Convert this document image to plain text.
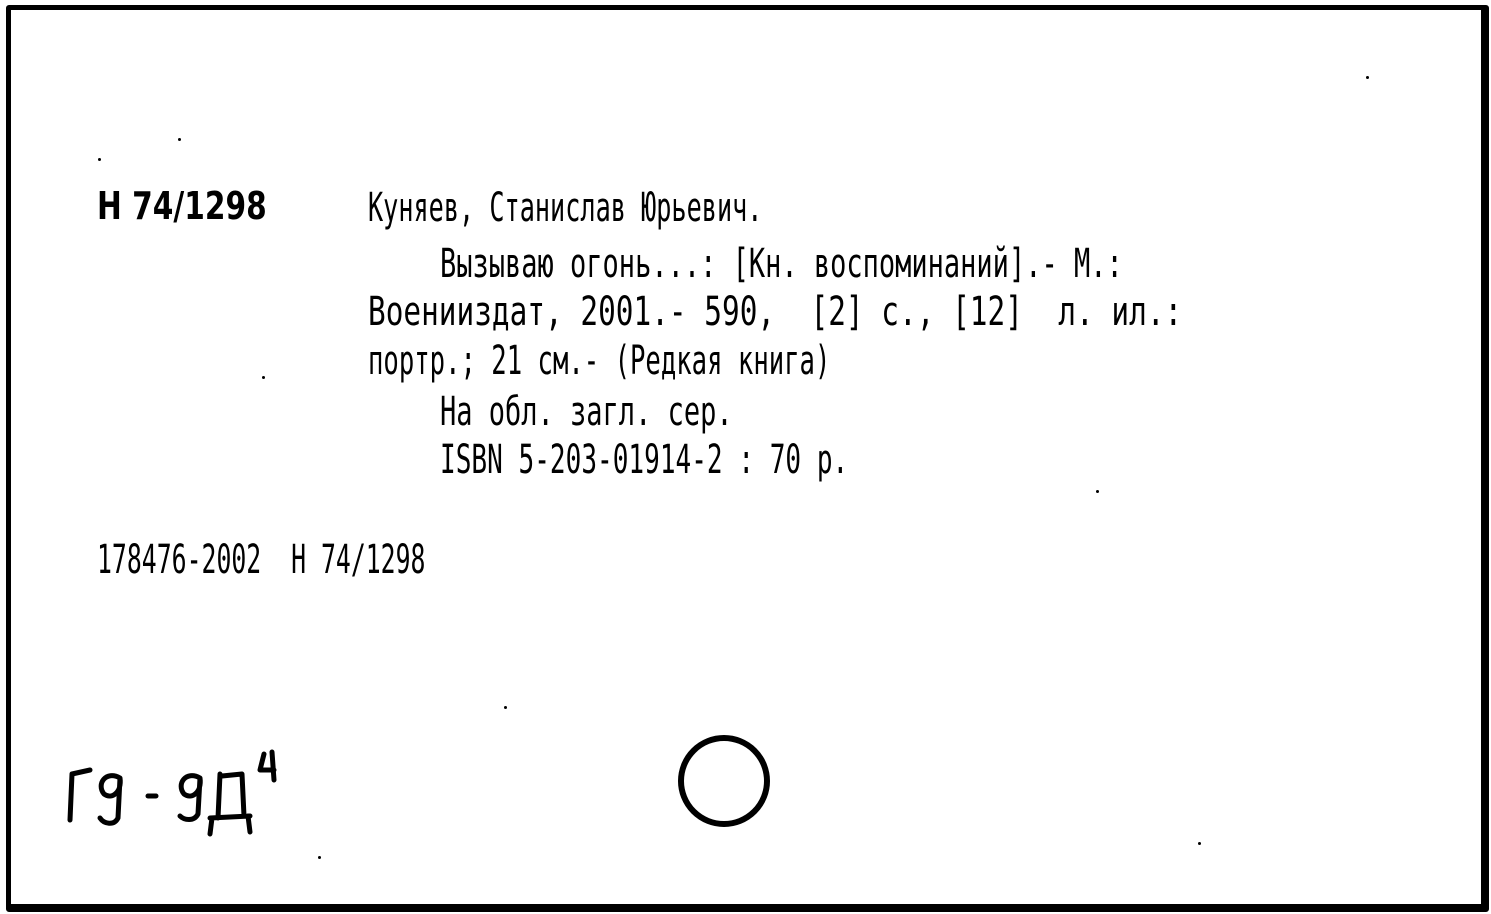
Н 74/1298	Куняев, Станислав Юрьевич.
Вызываю огонь...: [Кн. воспоминаний].- М.:
Военииздат, 2001.- 590,  [2] с., [12]  л. ил.:
портр.; 21 см.- (Редкая книга)
На обл. загл. сер.
ISBN 5-203-01914-2 : 70 р.
178476-2002  Н 74/1298
